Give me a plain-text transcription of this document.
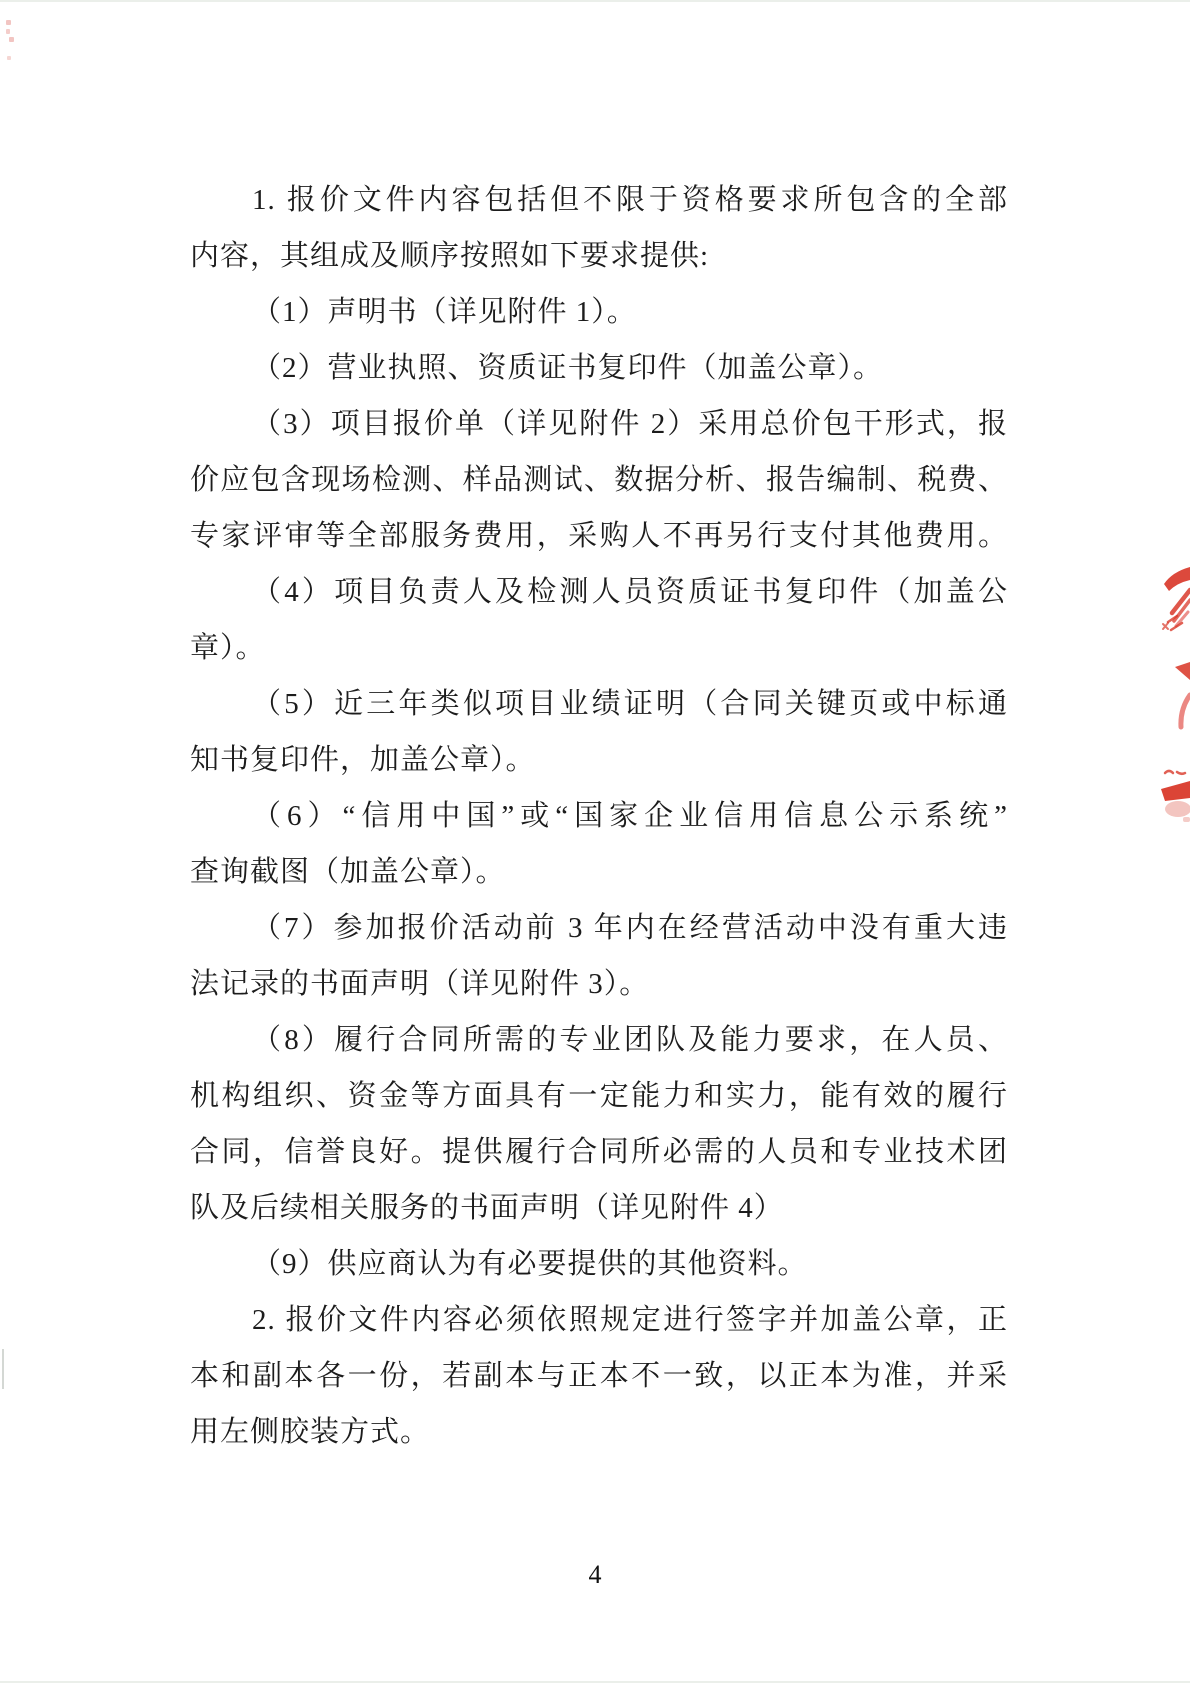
1. 报价文件内容包括但不限于资格要求所包含的全部
内容，其组成及顺序按照如下要求提供:
（1）声明书（详见附件 1）。
（2）营业执照、资质证书复印件（加盖公章）。
（3）项目报价单（详见附件 2）采用总价包干形式，报
价应包含现场检测、样品测试、数据分析、报告编制、税费、
专家评审等全部服务费用，采购人不再另行支付其他费用。
（4）项目负责人及检测人员资质证书复印件（加盖公
章）。
（5）近三年类似项目业绩证明（合同关键页或中标通
知书复印件，加盖公章）。
（6）“信用中国”或“国家企业信用信息公示系统”
查询截图（加盖公章）。
（7）参加报价活动前 3 年内在经营活动中没有重大违
法记录的书面声明（详见附件 3）。
（8）履行合同所需的专业团队及能力要求，在人员、
机构组织、资金等方面具有一定能力和实力，能有效的履行
合同，信誉良好。提供履行合同所必需的人员和专业技术团
队及后续相关服务的书面声明（详见附件 4）
（9）供应商认为有必要提供的其他资料。
2. 报价文件内容必须依照规定进行签字并加盖公章，正
本和副本各一份，若副本与正本不一致，以正本为准，并采
用左侧胶装方式。
4
